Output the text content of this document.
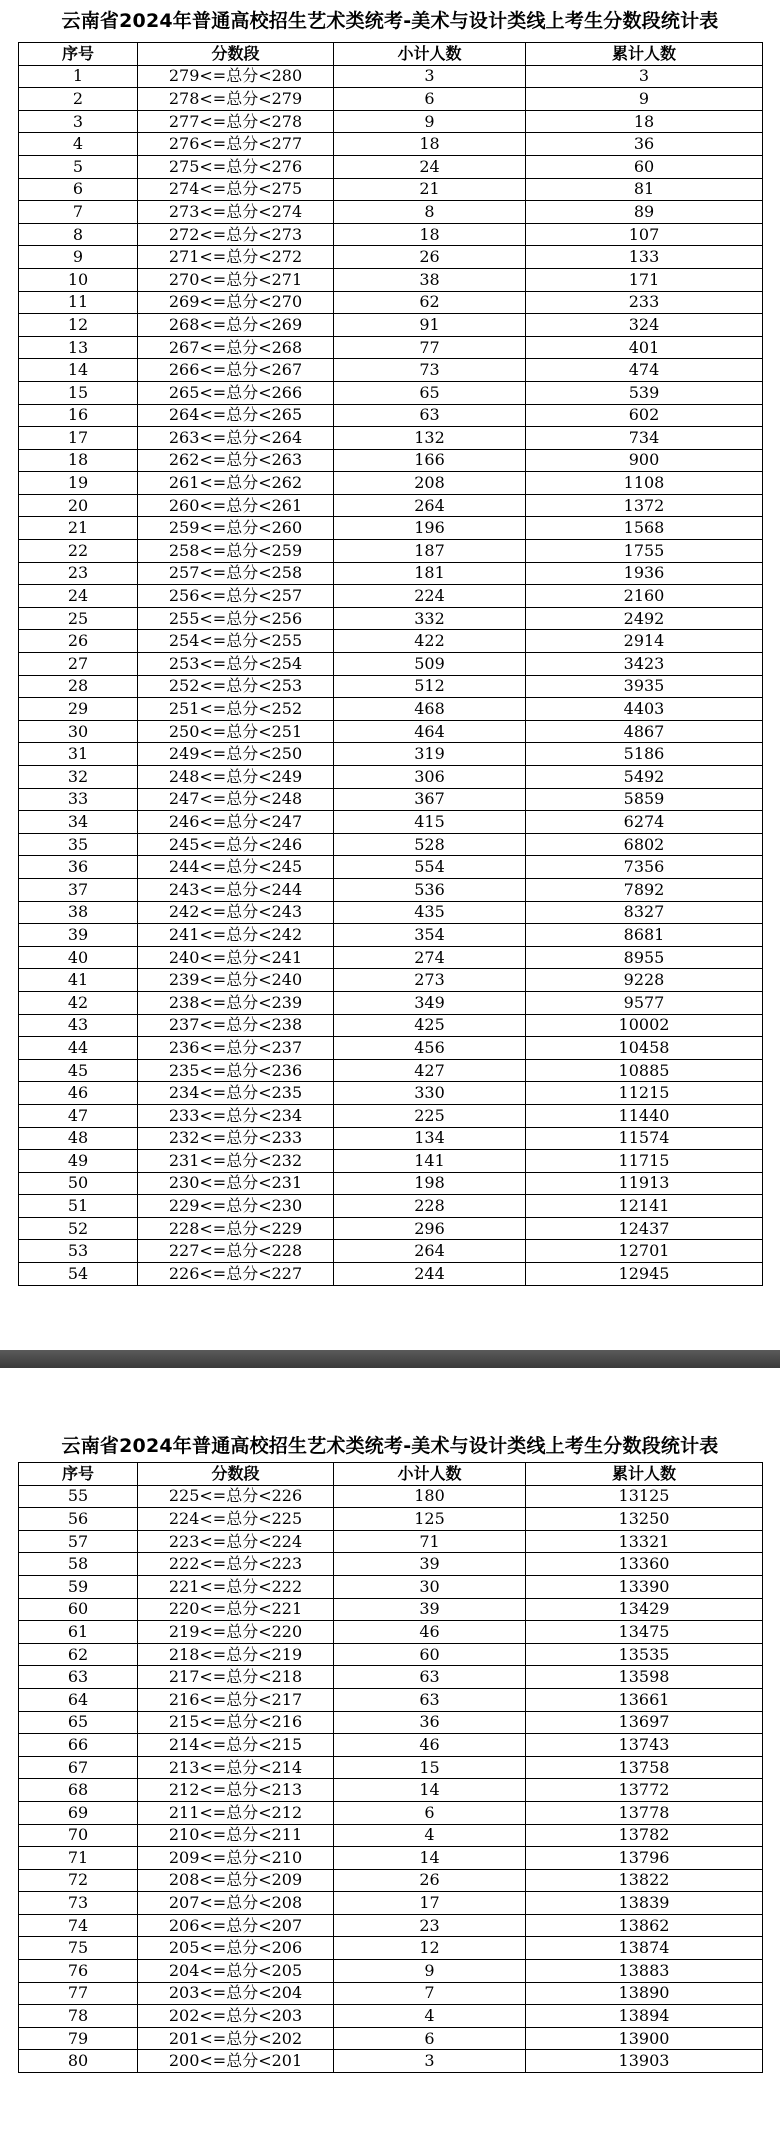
云南省2024年普通高校招生艺术类统考-美术与设计类线上考生分数段统计表
序号	分数段	小计人数	累计人数
1	279<=总分<280	3	3
2	278<=总分<279	6	9
3	277<=总分<278	9	18
4	276<=总分<277	18	36
5	275<=总分<276	24	60
6	274<=总分<275	21	81
7	273<=总分<274	8	89
8	272<=总分<273	18	107
9	271<=总分<272	26	133
10	270<=总分<271	38	171
11	269<=总分<270	62	233
12	268<=总分<269	91	324
13	267<=总分<268	77	401
14	266<=总分<267	73	474
15	265<=总分<266	65	539
16	264<=总分<265	63	602
17	263<=总分<264	132	734
18	262<=总分<263	166	900
19	261<=总分<262	208	1108
20	260<=总分<261	264	1372
21	259<=总分<260	196	1568
22	258<=总分<259	187	1755
23	257<=总分<258	181	1936
24	256<=总分<257	224	2160
25	255<=总分<256	332	2492
26	254<=总分<255	422	2914
27	253<=总分<254	509	3423
28	252<=总分<253	512	3935
29	251<=总分<252	468	4403
30	250<=总分<251	464	4867
31	249<=总分<250	319	5186
32	248<=总分<249	306	5492
33	247<=总分<248	367	5859
34	246<=总分<247	415	6274
35	245<=总分<246	528	6802
36	244<=总分<245	554	7356
37	243<=总分<244	536	7892
38	242<=总分<243	435	8327
39	241<=总分<242	354	8681
40	240<=总分<241	274	8955
41	239<=总分<240	273	9228
42	238<=总分<239	349	9577
43	237<=总分<238	425	10002
44	236<=总分<237	456	10458
45	235<=总分<236	427	10885
46	234<=总分<235	330	11215
47	233<=总分<234	225	11440
48	232<=总分<233	134	11574
49	231<=总分<232	141	11715
50	230<=总分<231	198	11913
51	229<=总分<230	228	12141
52	228<=总分<229	296	12437
53	227<=总分<228	264	12701
54	226<=总分<227	244	12945
云南省2024年普通高校招生艺术类统考-美术与设计类线上考生分数段统计表
序号	分数段	小计人数	累计人数
55	225<=总分<226	180	13125
56	224<=总分<225	125	13250
57	223<=总分<224	71	13321
58	222<=总分<223	39	13360
59	221<=总分<222	30	13390
60	220<=总分<221	39	13429
61	219<=总分<220	46	13475
62	218<=总分<219	60	13535
63	217<=总分<218	63	13598
64	216<=总分<217	63	13661
65	215<=总分<216	36	13697
66	214<=总分<215	46	13743
67	213<=总分<214	15	13758
68	212<=总分<213	14	13772
69	211<=总分<212	6	13778
70	210<=总分<211	4	13782
71	209<=总分<210	14	13796
72	208<=总分<209	26	13822
73	207<=总分<208	17	13839
74	206<=总分<207	23	13862
75	205<=总分<206	12	13874
76	204<=总分<205	9	13883
77	203<=总分<204	7	13890
78	202<=总分<203	4	13894
79	201<=总分<202	6	13900
80	200<=总分<201	3	13903
